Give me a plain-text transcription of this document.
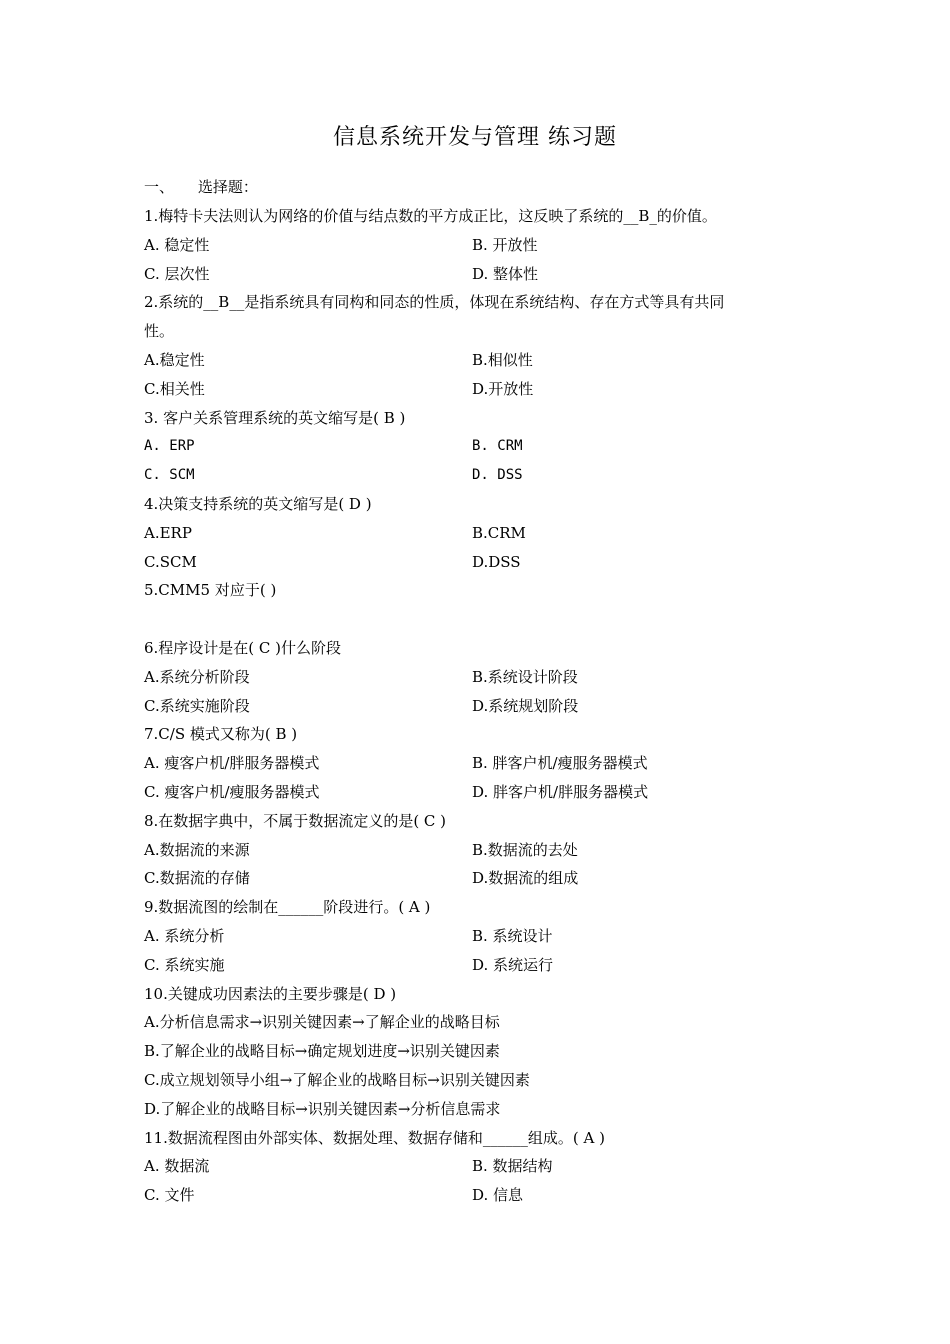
信息系统开发与管理 练习题
一、     选择题：
1.梅特卡夫法则认为网络的价值与结点数的平方成正比，这反映了系统的__B_的价值。
A. 稳定性	B. 开放性
C. 层次性	D. 整体性
2.系统的__B__是指系统具有同构和同态的性质，体现在系统结构、存在方式等具有共同
性。
A.稳定性	B.相似性
C.相关性	D.开放性
3. 客户关系管理系统的英文缩写是( B )
A. ERP	B. CRM
C. SCM	D. DSS
4.决策支持系统的英文缩写是( D )
A.ERP	B.CRM
C.SCM	D.DSS
5.CMM5 对应于( )
6.程序设计是在( C )什么阶段
A.系统分析阶段	B.系统设计阶段
C.系统实施阶段	D.系统规划阶段
7.C/S 模式又称为( B )
A. 瘦客户机/胖服务器模式	B. 胖客户机/瘦服务器模式
C. 瘦客户机/瘦服务器模式	D. 胖客户机/胖服务器模式
8.在数据字典中，不属于数据流定义的是( C )
A.数据流的来源	B.数据流的去处
C.数据流的存储	D.数据流的组成
9.数据流图的绘制在______阶段进行。( A )
A. 系统分析	B. 系统设计
C. 系统实施	D. 系统运行
10.关键成功因素法的主要步骤是( D )
A.分析信息需求→识别关键因素→了解企业的战略目标
B.了解企业的战略目标→确定规划进度→识别关键因素
C.成立规划领导小组→了解企业的战略目标→识别关键因素
D.了解企业的战略目标→识别关键因素→分析信息需求
11.数据流程图由外部实体、数据处理、数据存储和______组成。( A )
A. 数据流	B. 数据结构
C. 文件	D. 信息
